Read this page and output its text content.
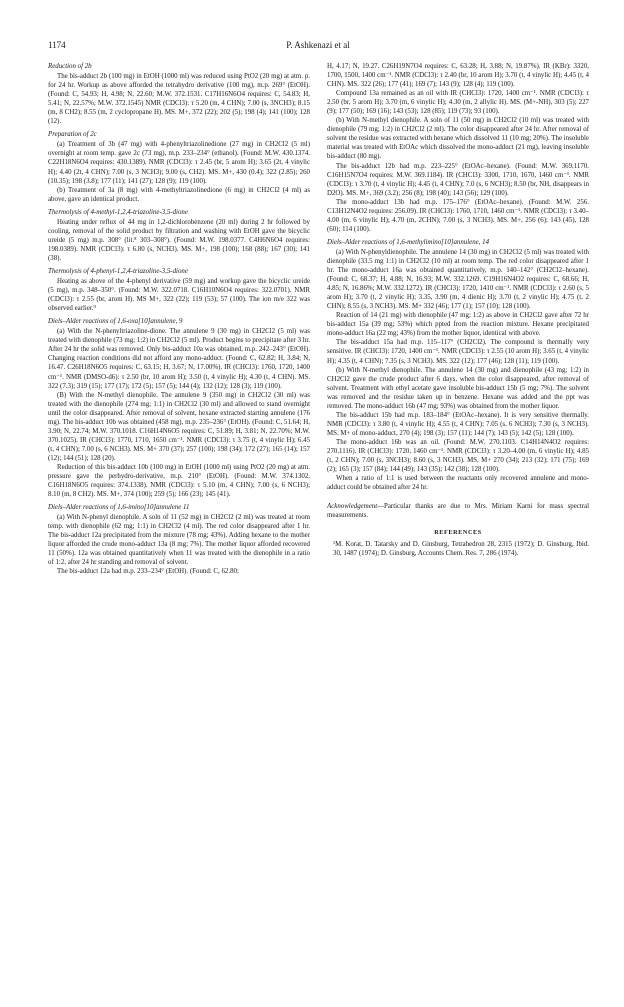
1174	P. Ashkenazi et al
Reduction of 2b

The bis-adduct 2b (100 mg) in EtOH (1000 ml) was reduced using PtO2 (20 mg) at atm. p. for 24 hr. Workup as above afforded the tetrahydro derivative (100 mg), m.p. 269° (EtOH). (Found: C, 54.93; H, 4.98; N, 22.60; M.W. 372.1531. C17H16N6O4 requires: C, 54.83; H, 5.41; N, 22.57%; M.W. 372.1545) NMR (CDCl3): τ 5.20 (m, 4 CHN); 7.00 (s, 3NCH3); 8.15 (m, 8 CH2); 8.55 (m, 2 cyclopropane H). MS. M+, 372 (22); 202 (5); 198 (4); 141 (100); 128 (12).

Preparation of 2c

(a) Treatment of 3b (47 mg) with 4-phenyltriazolinedione (27 mg) in CH2Cl2 (5 ml) overnight at room temp. gave 2c (73 mg), m.p. 233–234° (ethanol). (Found: M.W. 430.1374. C22H18N6O4 requires: 430.1389). NMR (CDCl3): τ 2.45 (br, 5 arom H); 3.65 (2t, 4 vinylic H); 4.40 (2t, 4 CHN); 7.00 (s, 3 NCH3); 9.00 (s, CH2). MS. M+, 430 (0.4); 322 (2.85); 260 (10.35); 198 (3.8); 177 (11); 141 (27); 128 (9); 119 (100).

(b) Treatment of 3a (8 mg) with 4-methyltriazolinedione (6 mg) in CH2Cl2 (4 ml) as above, gave an identical product.

Thermolysis of 4-methyl-1,2,4-triazoline-3,5-dione

Heating under reflux of 44 mg in 1,2-dichlorobenzene (20 ml) during 2 hr followed by cooling, removal of the solid product by filtration and washing with EtOH gave the bicyclic ureide (5 mg) m.p. 308° (lit.⁸ 303–308°). (Found: M.W. 198.0377. C4H6N6O4 requires: 198.0389). NMR (CDCl3): τ 6.80 (s, NCH3). MS. M+, 198 (100); 168 (88); 167 (30); 141 (38).

Thermolysis of 4-phenyl-1,2,4-triazoline-3,5-dione

Heating as above of the 4-phenyl derivative (59 mg) and workup gave the bicyclic ureide (5 mg), m.p. 348–350°. (Found: M.W. 322.0718. C16H10N6O4 requires: 322.0701). NMR (CDCl3): τ 2.55 (br, arom H). MS M+, 322 (22); 119 (53); 57 (100). The ion m/e 322 was observed earlier.⁹

Diels–Alder reactions of 1,6-oxa[10]annulene, 9

(a) With the N-phenyltriazoline-dione. The annulene 9 (30 mg) in CH2Cl2 (5 ml) was treated with dienophile (73 mg; 1:2) in CH2Cl2 (5 ml). Product begins to precipitate after 3 hr. After 24 hr the solid was removed. Only bis-adduct 10a was obtained, m.p. 242–243° (EtOH). Changing reaction conditions did not afford any mono-adduct. (Found: C, 62.82; H, 3.84; N, 16.47. C26H18N6O5 requires: C, 63.15; H, 3.67; N, 17.00%). IR (CHCl3): 1760, 1720, 1400 cm⁻¹. NMR (DMSO-d6): τ 2.50 (br, 10 arom H); 3.50 (t, 4 vinylic H); 4.30 (t, 4 CHN). MS. 322 (7.3); 319 (15); 177 (17); 172 (5); 157 (5); 144 (4); 132 (12); 128 (3); 119 (100).

(B) With the N-methyl dienophile. The annulene 9 (350 mg) in CH2Cl2 (30 ml) was treated with the dienophile (274 mg; 1:1) in CH2Cl2 (30 ml) and allowed to stand overnight until the color disappeared. After removal of solvent, hexane extracted starting annulene (176 mg). The bis-adduct 10b was obtained (458 mg), m.p. 235–236° (EtOH). (Found: C, 51.64; H, 3.90; N, 22.74; M.W. 370.1018. C16H14N6O5 requires: C, 51.89; H, 3.81; N, 22.70%; M.W. 370.1025). IR (CHCl3): 1770, 1710, 1650 cm⁻¹. NMR (CDCl3): τ 3.75 (t, 4 vinylic H); 6.45 (t, 4 CHN); 7.00 (s, 6 NCH3). MS. M+ 370 (37); 257 (100); 198 (34); 172 (27); 165 (14); 157 (12); 144 (51); 128 (20).

Reduction of this bis-adduct 10b (100 mg) in EtOH (1000 ml) using PtO2 (20 mg) at atm. pressure gave the perhydro-derivative, m.p. 210° (EtOH). (Found: M.W. 374.1302. C16H18N6O5 requires: 374.1338). NMR (CDCl3): τ 5.10 (m, 4 CHN); 7.00 (s, 6 NCH3); 8.10 (m, 8 CH2). MS. M+, 374 (100); 259 (5); 166 (23); 145 (41).

Diels–Alder reactions of 1,6-imino[10]annulene 11

(a) With N-phenyl dienophile. A soln of 11 (52 mg) in CH2Cl2 (2 ml) was treated at room temp. with dienophile (62 mg; 1:1) in CH2Cl2 (4 ml). The red color disappeared after 1 hr. The bis-adduct 12a precipitated from the mixture (78 mg; 43%). Adding hexane to the mother liquor afforded the crude mono-adduct 13a (8 mg; 7%). The mother liquor afforded recovered 11 (50%). 12a was obtained quantitatively when 11 was treated with the dienophile in a ratio of 1:2, after 24 hr standing and removal of solvent.

The bis-adduct 12a had m.p. 233–234° (EtOH). (Found: C, 62.80;

H, 4.17; N, 19.27. C26H19N7O4 requires: C, 63.28; H, 3.88; N, 19.87%). IR (KBr): 3320, 1700, 1500, 1400 cm⁻¹. NMR (CDCl3): τ 2.40 (br, 10 arom H); 3.70 (t, 4 vinylic H); 4.45 (t, 4 CHN). MS. 322 (26); 177 (41); 169 (7); 143 (9); 128 (4); 119 (100).

Compound 13a remained as an oil with IR (CHCl3): 1720, 1400 cm⁻¹. NMR (CDCl3): τ 2.50 (br, 5 arom H); 3.70 (m, 6 vinylic H); 4.30 (m, 2 allylic H). MS. (M+-NH), 303 (5); 227 (9); 177 (50); 169 (16); 143 (53); 128 (85); 119 (73); 93 (100).

(b) With N-methyl dienophile. A soln of 11 (50 mg) in CH2Cl2 (10 ml) was treated with dienophile (79 mg; 1:2) in CH2Cl2 (2 ml). The color disappeared after 24 hr. After removal of solvent the residue was extracted with hexane which dissolved 11 (10 mg; 20%). The insoluble material was treated with EtOAc which dissolved the mono-adduct (21 mg), leaving insoluble bis-adduct (80 mg).

The bis-adduct 12b had m.p. 223–225° (EtOAc–hexane). (Found: M.W. 369.1170. C16H15N7O4 requires: M.W. 369.1184). IR (CHCl3): 3300, 1710, 1670, 1460 cm⁻¹. NMR (CDCl3): τ 3.70 (t, 4 vinylic H); 4.45 (t, 4 CHN); 7.0 (s, 6 NCH3); 8.50 (br, NH, disappears in D2O). MS. M+, 369 (3.2); 256 (8); 198 (40); 143 (56); 129 (100).

The mono-adduct 13b had m.p. 175–176° (EtOAc–hexane). (Found: M.W. 256. C13H12N4O2 requires: 256.09). IR (CHCl3): 1760, 1710, 1460 cm⁻¹. NMR (CDCl3): τ 3.40–4.00 (m, 6 vinylic H); 4.70 (m, 2CHN); 7.00 (s, 3 NCH3). MS. M+, 256 (6); 143 (45), 128 (60); 114 (100).

Diels–Alder reactions of 1,6-methylimino[10]annulene, 14

(a) With N-phenyldienophile. The annulene 14 (30 mg) in CH2Cl2 (5 ml) was treated with dienophile (33.5 mg 1:1) in CH2Cl2 (10 ml) at room temp. The red color disappeared after 1 hr. The mono-adduct 16a was obtained quantitatively, m.p. 140–142° (CH2Cl2–hexane). (Found: C, 68.37; H, 4.88; N, 16.93; M.W. 332.1269. C19H16N4O2 requires: C, 68.66; H, 4.85; N, 16.86%; M.W. 332.1272). IR (CHCl3): 1720, 1410 cm⁻¹. NMR (CDCl3): τ 2.60 (s, 5 arom H); 3.70 (t, 2 vinylic H); 3.35, 3.90 (m, 4 dienic H); 3.70 (t, 2 vinylic H); 4.75 (t, 2 CHN); 8.55 (s, 3 NCH3). MS. M+ 332 (46); 177 (1); 157 (10); 128 (100).

Reaction of 14 (21 mg) with dienophile (47 mg; 1:2) as above in CH2Cl2 gave after 72 hr bis-adduct 15a (39 mg; 53%) which ppted from the reaction mixture. Hexane precipitated mono-adduct 16a (22 mg; 43%) from the mother liquor, identical with above.

The bis-adduct 15a had m.p. 115–117° (CH2Cl2). The compound is thermally very sensitive. IR (CHCl3): 1720, 1400 cm⁻¹. NMR (CDCl3): τ 2.55 (10 arom H); 3.65 (t, 4 vinylic H); 4.35 (t, 4 CHN); 7.35 (s, 3 NCH3). MS. 322 (12); 177 (46); 128 (11); 119 (100).

(b) With N-methyl dienophile. The annulene 14 (30 mg) and dienophile (43 mg; 1:2) in CH2Cl2 gave the crude product after 6 days, when the color disappeared, after removal of solvent. Treatment with ethyl acetate gave insoluble bis-adduct 15b (5 mg; 7%). The solvent was removed and the residue taken up in benzene. Hexane was added and the ppt was removed. The mono-adduct 16b (47 mg; 93%) was obtained from the mother liquor.

The bis-adduct 15b had m.p. 183–184° (EtOAc–hexane). It is very sensitive thermally. NMR (CDCl3): τ 3.80 (t, 4 vinylic H); 4.55 (t, 4 CHN); 7.05 (s, 6 NCH3); 7.30 (s, 3 NCH3). MS. M+ of mono-adduct, 270 (4); 198 (3); 157 (11); 144 (7); 143 (5); 142 (5); 128 (100).

The mono-adduct 16b was an oil. (Found: M.W. 270.1103. C14H14N4O2 requires: 270.1116). IR (CHCl3): 1720, 1460 cm⁻¹. NMR (CDCl3): τ 3.20–4.00 (m, 6 vinylic H); 4.85 (t, 2 CHN); 7.00 (s, 3NCH3); 8.60 (s, 3 NCH3). MS. M+ 270 (34); 213 (32); 171 (75); 169 (2); 165 (3); 157 (84); 144 (49); 143 (35); 142 (38); 128 (100).

When a ratio of 1:1 is used between the reactants only recovered annulene and mono-adduct could be obtained after 24 hr.

Acknowledgement—Particular thanks are due to Mrs. Miriam Karni for mass spectral measurements.

REFERENCES

¹M. Korat, D. Tatarsky and D. Ginsburg, Tetrahedron 28, 2315 (1972); D. Ginsburg, Ibid. 30, 1487 (1974); D. Ginsburg, Accounts Chem. Res. 7, 286 (1974).
